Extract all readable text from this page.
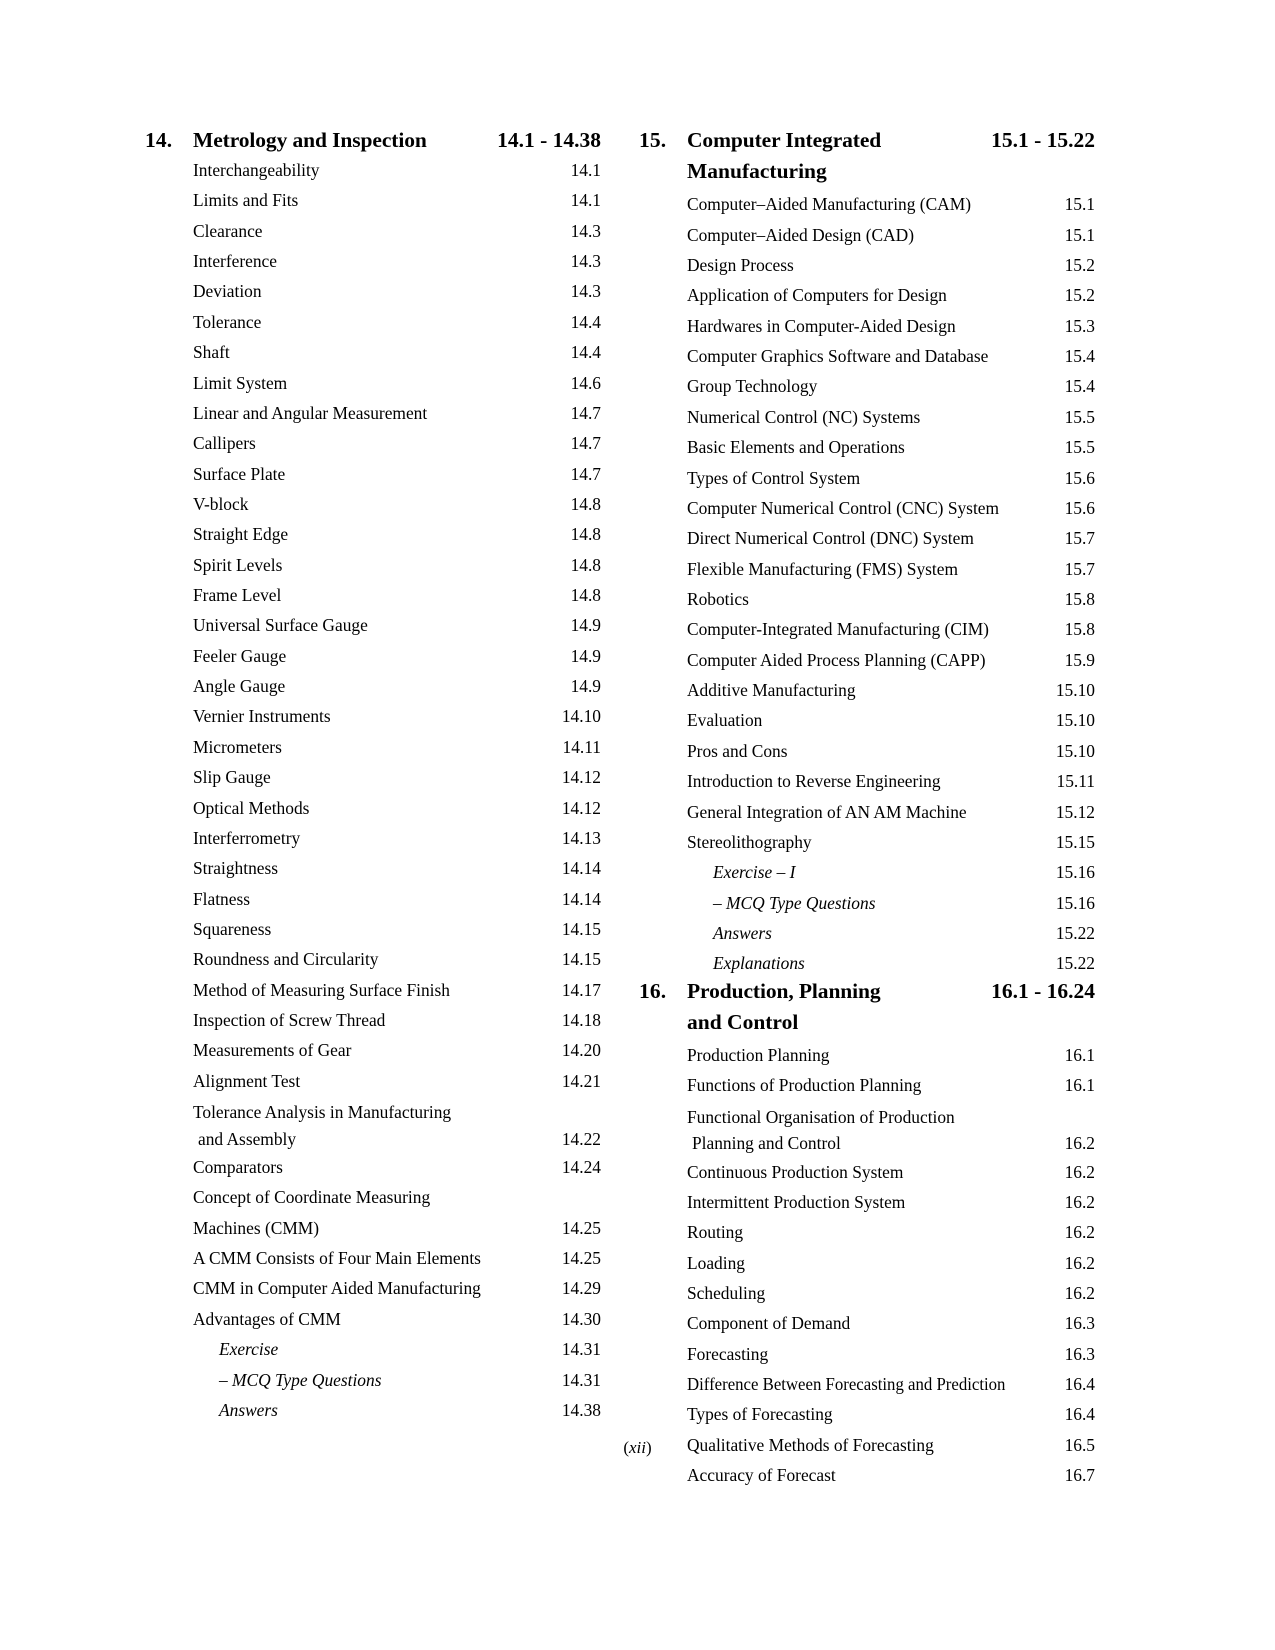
14. Metrology and Inspection	14.1 - 14.38
Interchangeability	14.1
Limits and Fits	14.1
Clearance	14.3
Interference	14.3
Deviation	14.3
Tolerance	14.4
Shaft	14.4
Limit System	14.6
Linear and Angular Measurement	14.7
Callipers	14.7
Surface Plate	14.7
V-block	14.8
Straight Edge	14.8
Spirit Levels	14.8
Frame Level	14.8
Universal Surface Gauge	14.9
Feeler Gauge	14.9
Angle Gauge	14.9
Vernier Instruments	14.10
Micrometers	14.11
Slip Gauge	14.12
Optical Methods	14.12
Interferrometry	14.13
Straightness	14.14
Flatness	14.14
Squareness	14.15
Roundness and Circularity	14.15
Method of Measuring Surface Finish	14.17
Inspection of Screw Thread	14.18
Measurements of Gear	14.20
Alignment Test	14.21
Tolerance Analysis in Manufacturing
and Assembly	14.22
Comparators	14.24
Concept of Coordinate Measuring
Machines (CMM)	14.25
A CMM Consists of Four Main Elements	14.25
CMM in Computer Aided Manufacturing	14.29
Advantages of CMM	14.30
Exercise	14.31
– MCQ Type Questions	14.31
Answers	14.38
15. Computer Integrated	15.1 - 15.22
Manufacturing
Computer–Aided Manufacturing (CAM)	15.1
Computer–Aided Design (CAD)	15.1
Design Process	15.2
Application of Computers for Design	15.2
Hardwares in Computer-Aided Design	15.3
Computer Graphics Software and Database	15.4
Group Technology	15.4
Numerical Control (NC) Systems	15.5
Basic Elements and Operations	15.5
Types of Control System	15.6
Computer Numerical Control (CNC) System	15.6
Direct Numerical Control (DNC) System	15.7
Flexible Manufacturing (FMS) System	15.7
Robotics	15.8
Computer-Integrated Manufacturing (CIM)	15.8
Computer Aided Process Planning (CAPP)	15.9
Additive Manufacturing	15.10
Evaluation	15.10
Pros and Cons	15.10
Introduction to Reverse Engineering	15.11
General Integration of AN AM Machine	15.12
Stereolithography	15.15
Exercise – I	15.16
– MCQ Type Questions	15.16
Answers	15.22
Explanations	15.22
16. Production, Planning	16.1 - 16.24
and Control
Production Planning	16.1
Functions of Production Planning	16.1
Functional Organisation of Production
Planning and Control	16.2
Continuous Production System	16.2
Intermittent Production System	16.2
Routing	16.2
Loading	16.2
Scheduling	16.2
Component of Demand	16.3
Forecasting	16.3
Difference Between Forecasting and Prediction	16.4
Types of Forecasting	16.4
Qualitative Methods of Forecasting	16.5
Accuracy of Forecast	16.7
(xii)
